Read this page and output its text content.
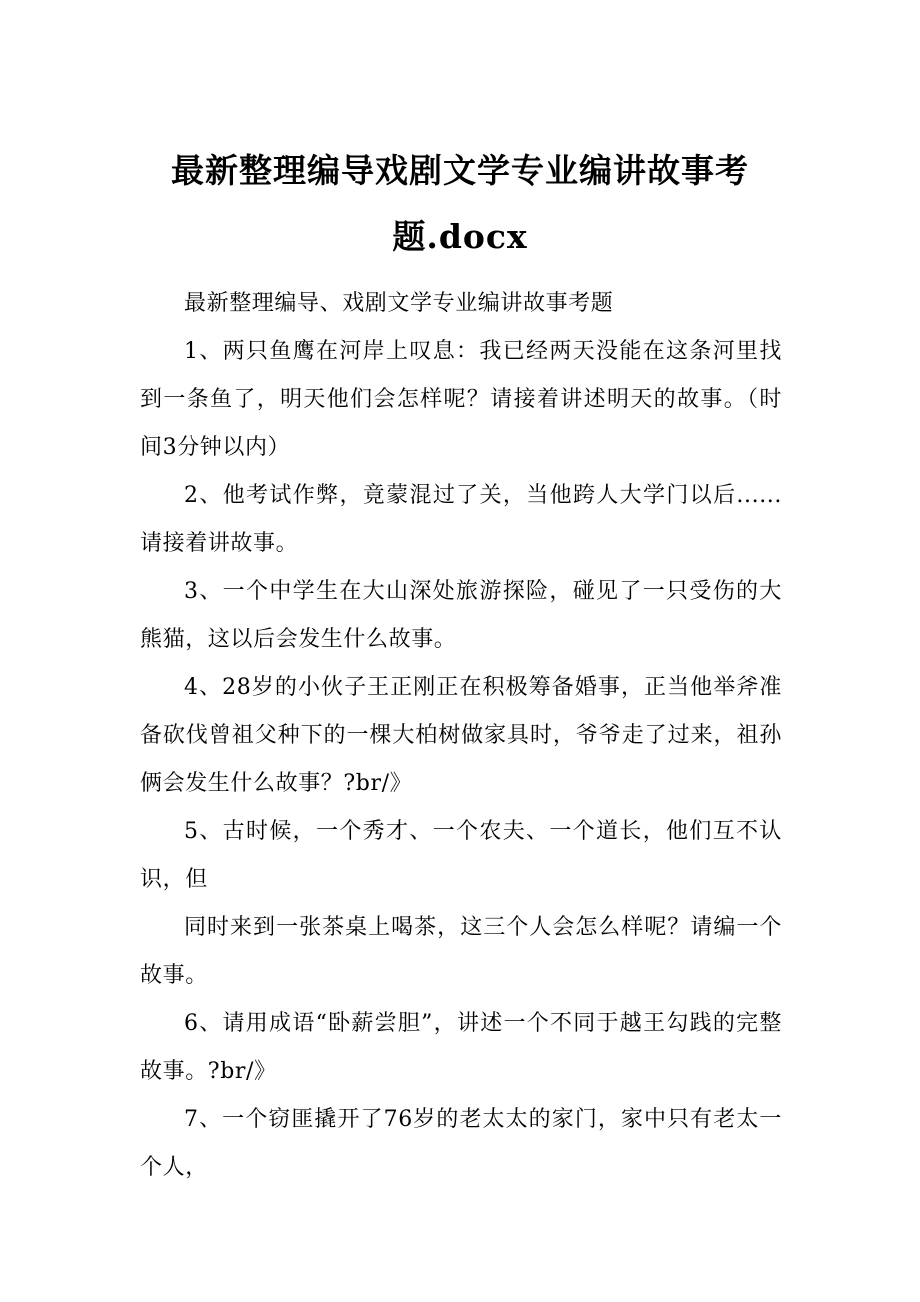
最新整理编导戏剧文学专业编讲故事考题.docx

最新整理编导、戏剧文学专业编讲故事考题

1、两只鱼鹰在河岸上叹息：我已经两天没能在这条河里找到一条鱼了，明天他们会怎样呢？请接着讲述明天的故事。（时间3分钟以内）

2、他考试作弊，竟蒙混过了关，当他跨人大学门以后......请接着讲故事。

3、一个中学生在大山深处旅游探险，碰见了一只受伤的大熊猫，这以后会发生什么故事。

4、28岁的小伙子王正刚正在积极筹备婚事，正当他举斧准备砍伐曾祖父种下的一棵大柏树做家具时，爷爷走了过来，祖孙俩会发生什么故事？?br/》

5、古时候，一个秀才、一个农夫、一个道长，他们互不认识，但

同时来到一张茶桌上喝茶，这三个人会怎么样呢？请编一个故事。

6、请用成语“卧薪尝胆”，讲述一个不同于越王勾践的完整故事。?br/》

7、一个窃匪撬开了76岁的老太太的家门，家中只有老太一个人，
